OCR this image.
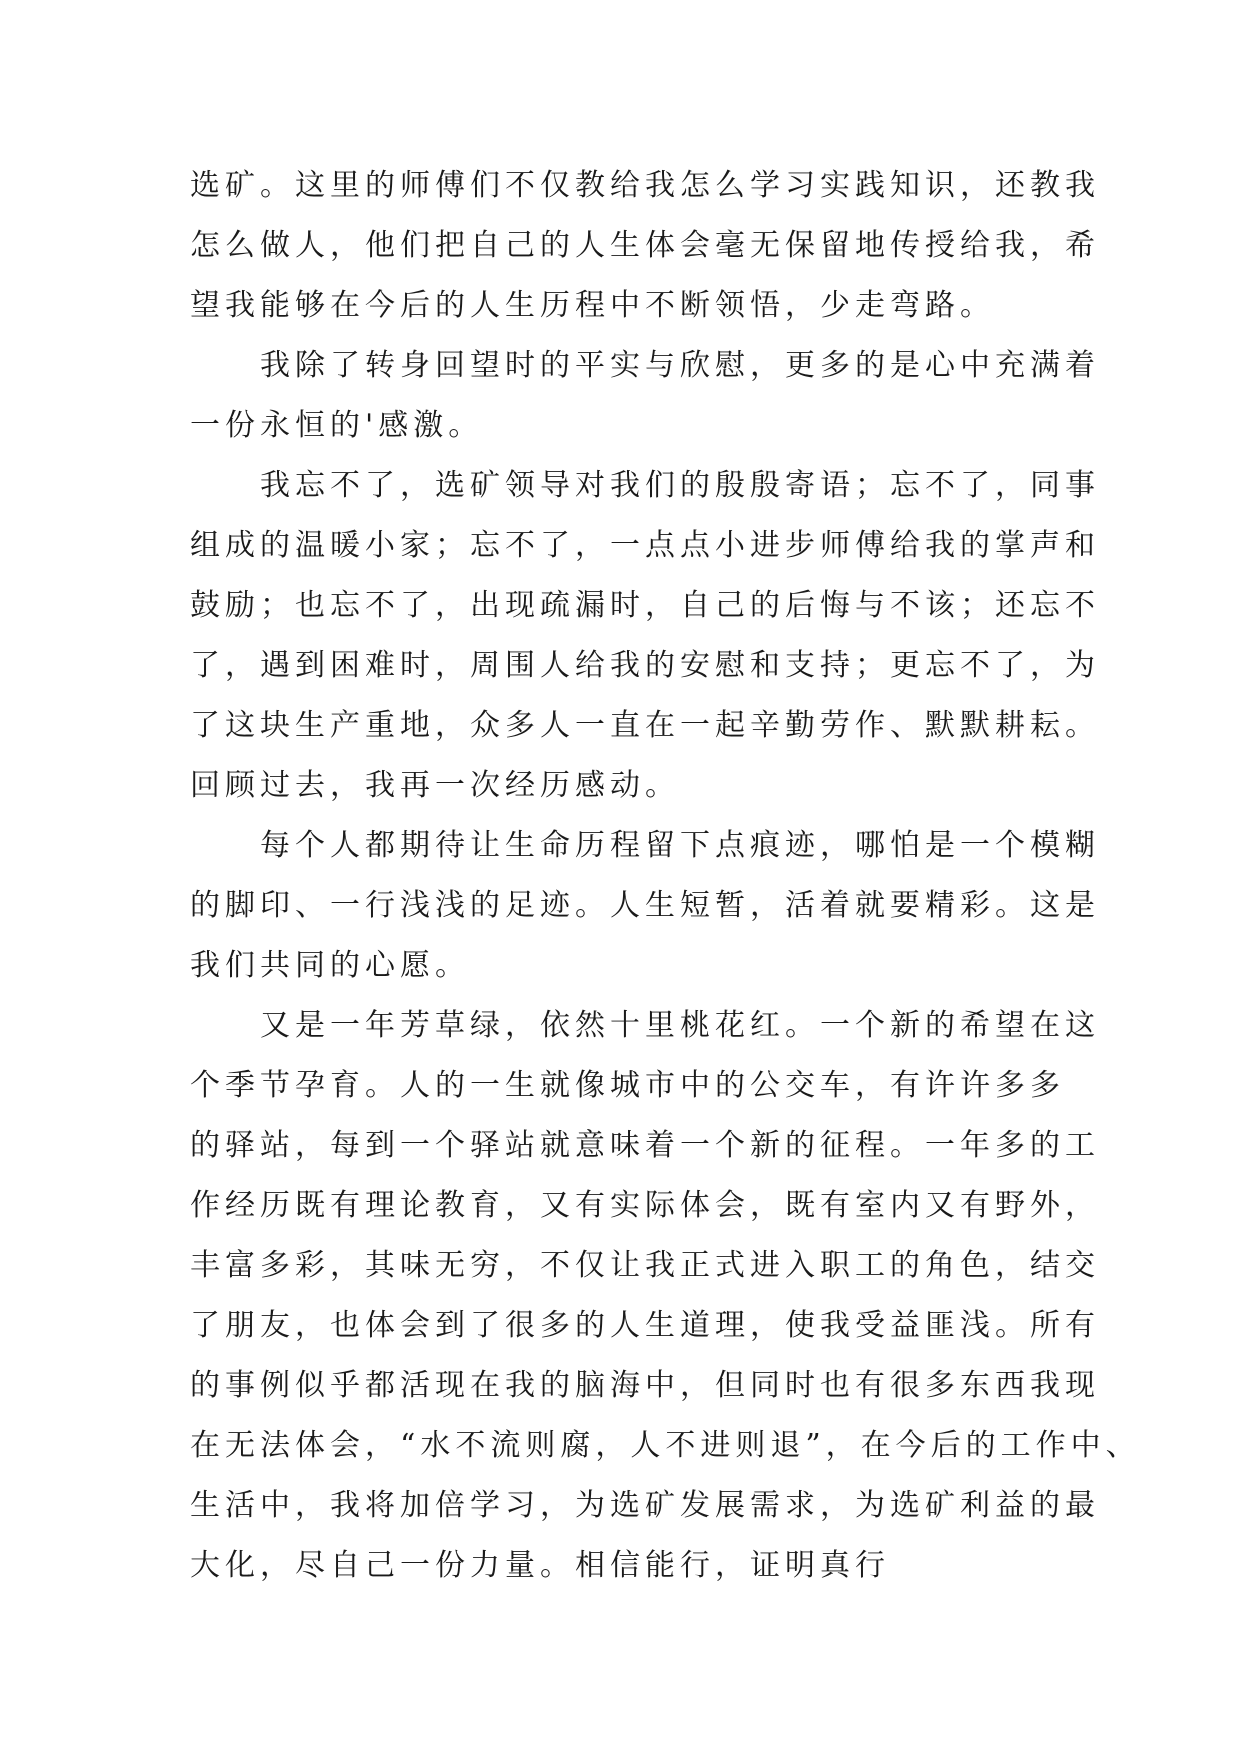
选矿。这里的师傅们不仅教给我怎么学习实践知识，还教我
怎么做人，他们把自己的人生体会毫无保留地传授给我，希
望我能够在今后的人生历程中不断领悟，少走弯路。
　　我除了转身回望时的平实与欣慰，更多的是心中充满着
一份永恒的'感激。
　　我忘不了，选矿领导对我们的殷殷寄语；忘不了，同事
组成的温暖小家；忘不了，一点点小进步师傅给我的掌声和
鼓励；也忘不了，出现疏漏时，自己的后悔与不该；还忘不
了，遇到困难时，周围人给我的安慰和支持；更忘不了，为
了这块生产重地，众多人一直在一起辛勤劳作、默默耕耘。
回顾过去，我再一次经历感动。
　　每个人都期待让生命历程留下点痕迹，哪怕是一个模糊
的脚印、一行浅浅的足迹。人生短暂，活着就要精彩。这是
我们共同的心愿。
　　又是一年芳草绿，依然十里桃花红。一个新的希望在这
个季节孕育。人的一生就像城市中的公交车，有许许多多
的驿站，每到一个驿站就意味着一个新的征程。一年多的工
作经历既有理论教育，又有实际体会，既有室内又有野外，
丰富多彩，其味无穷，不仅让我正式进入职工的角色，结交
了朋友，也体会到了很多的人生道理，使我受益匪浅。所有
的事例似乎都活现在我的脑海中，但同时也有很多东西我现
在无法体会，“水不流则腐，人不进则退”，在今后的工作中、
生活中，我将加倍学习，为选矿发展需求，为选矿利益的最
大化，尽自己一份力量。相信能行，证明真行
